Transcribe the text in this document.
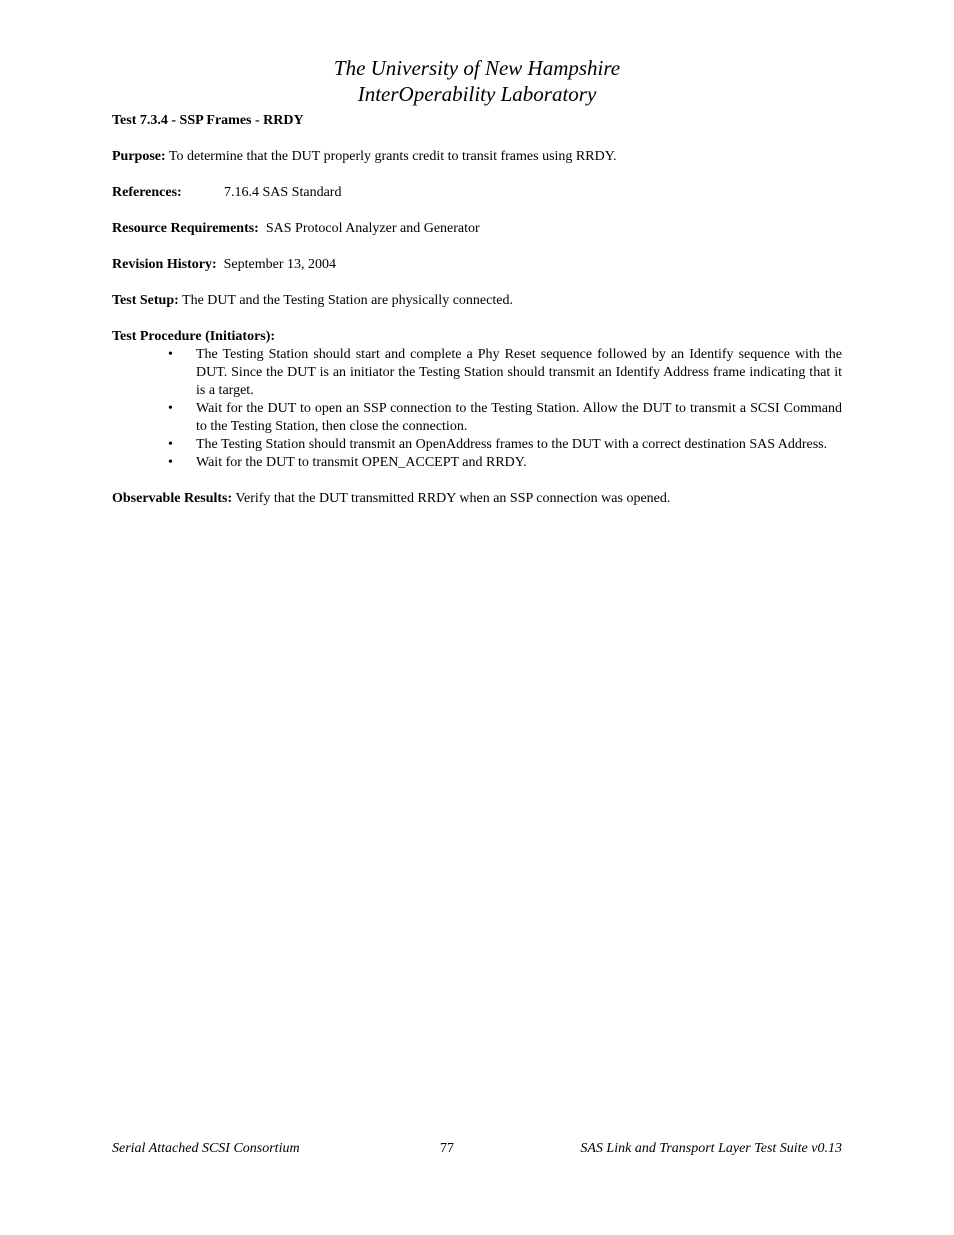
The University of New Hampshire
InterOperability Laboratory
Test 7.3.4 - SSP Frames - RRDY
Purpose: To determine that the DUT properly grants credit to transit frames using RRDY.
References:	7.16.4 SAS Standard
Resource Requirements:  SAS Protocol Analyzer and Generator
Revision History:  September 13, 2004
Test Setup: The DUT and the Testing Station are physically connected.
Test Procedure (Initiators):
• The Testing Station should start and complete a Phy Reset sequence followed by an Identify sequence with the DUT. Since the DUT is an initiator the Testing Station should transmit an Identify Address frame indicating that it is a target.
• Wait for the DUT to open an SSP connection to the Testing Station. Allow the DUT to transmit a SCSI Command to the Testing Station, then close the connection.
• The Testing Station should transmit an OpenAddress frames to the DUT with a correct destination SAS Address.
• Wait for the DUT to transmit OPEN_ACCEPT and RRDY.
Observable Results: Verify that the DUT transmitted RRDY when an SSP connection was opened.
Serial Attached SCSI Consortium	77	SAS Link and Transport Layer Test Suite v0.13
